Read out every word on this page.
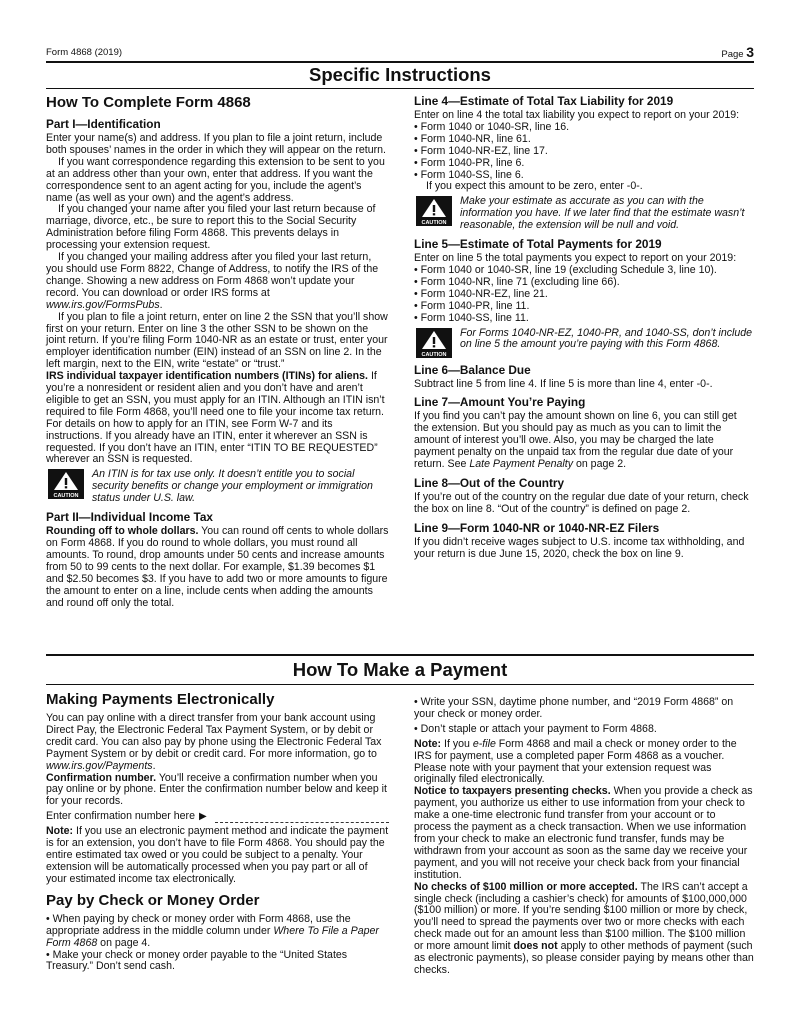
Form 4868 (2019)	Page 3
Specific Instructions
How To Complete Form 4868
Part I—Identification

Enter your name(s) and address. If you plan to file a joint return, include both spouses’ names in the order in which they will appear on the return.

If you want correspondence regarding this extension to be sent to you at an address other than your own, enter that address. If you want the correspondence sent to an agent acting for you, include the agent’s name (as well as your own) and the agent’s address.

If you changed your name after you filed your last return because of marriage, divorce, etc., be sure to report this to the Social Security Administration before filing Form 4868. This prevents delays in processing your extension request.

If you changed your mailing address after you filed your last return, you should use Form 8822, Change of Address, to notify the IRS of the change. Showing a new address on Form 4868 won’t update your record. You can download or order IRS forms at www.irs.gov/FormsPubs.

If you plan to file a joint return, enter on line 2 the SSN that you’ll show first on your return. Enter on line 3 the other SSN to be shown on the joint return. If you’re filing Form 1040-NR as an estate or trust, enter your employer identification number (EIN) instead of an SSN on line 2. In the left margin, next to the EIN, write “estate” or “trust.”

IRS individual taxpayer identification numbers (ITINs) for aliens. If you’re a nonresident or resident alien and you don’t have and aren’t eligible to get an SSN, you must apply for an ITIN. Although an ITIN isn’t required to file Form 4868, you’ll need one to file your income tax return. For details on how to apply for an ITIN, see Form W-7 and its instructions. If you already have an ITIN, enter it wherever an SSN is requested. If you don’t have an ITIN, enter “ITIN TO BE REQUESTED” wherever an SSN is requested.

CAUTION
An ITIN is for tax use only. It doesn’t entitle you to social security benefits or change your employment or immigration status under U.S. law.
Part II—Individual Income Tax

Rounding off to whole dollars. You can round off cents to whole dollars on Form 4868. If you do round to whole dollars, you must round all amounts. To round, drop amounts under 50 cents and increase amounts from 50 to 99 cents to the next dollar. For example, $1.39 becomes $1 and $2.50 becomes $3. If you have to add two or more amounts to figure the amount to enter on a line, include cents when adding the amounts and round off only the total.

Line 4—Estimate of Total Tax Liability for 2019

Enter on line 4 the total tax liability you expect to report on your 2019:

• Form 1040 or 1040-SR, line 16.
• Form 1040-NR, line 61.
• Form 1040-NR-EZ, line 17.
• Form 1040-PR, line 6.
• Form 1040-SS, line 6.

If you expect this amount to be zero, enter -0-.

CAUTION
Make your estimate as accurate as you can with the information you have. If we later find that the estimate wasn’t reasonable, the extension will be null and void.
Line 5—Estimate of Total Payments for 2019

Enter on line 5 the total payments you expect to report on your 2019:

• Form 1040 or 1040-SR, line 19 (excluding Schedule 3, line 10).
• Form 1040-NR, line 71 (excluding line 66).
• Form 1040-NR-EZ, line 21.
• Form 1040-PR, line 11.
• Form 1040-SS, line 11.
CAUTION
For Forms 1040-NR-EZ, 1040-PR, and 1040-SS, don’t include on line 5 the amount you’re paying with this Form 4868.
Line 6—Balance Due

Subtract line 5 from line 4. If line 5 is more than line 4, enter -0-.

Line 7—Amount You’re Paying

If you find you can’t pay the amount shown on line 6, you can still get the extension. But you should pay as much as you can to limit the amount of interest you’ll owe. Also, you may be charged the late payment penalty on the unpaid tax from the regular due date of your return. See Late Payment Penalty on page 2.

Line 8—Out of the Country

If you’re out of the country on the regular due date of your return, check the box on line 8. “Out of the country” is defined on page 2.

Line 9—Form 1040-NR or 1040-NR-EZ Filers

If you didn’t receive wages subject to U.S. income tax withholding, and your return is due June 15, 2020, check the box on line 9.

How To Make a Payment
Making Payments Electronically

You can pay online with a direct transfer from your bank account using Direct Pay, the Electronic Federal Tax Payment System, or by debit or credit card. You can also pay by phone using the Electronic Federal Tax Payment System or by debit or credit card. For more information, go to www.irs.gov/Payments.

Confirmation number. You’ll receive a confirmation number when you pay online or by phone. Enter the confirmation number below and keep it for your records.

Enter confirmation number here ▶

Note: If you use an electronic payment method and indicate the payment is for an extension, you don’t have to file Form 4868. You should pay the entire estimated tax owed or you could be subject to a penalty. Your extension will be automatically processed when you pay part or all of your estimated income tax electronically.

Pay by Check or Money Order

• When paying by check or money order with Form 4868, use the appropriate address in the middle column under Where To File a Paper Form 4868 on page 4.

• Make your check or money order payable to the “United States Treasury.” Don’t send cash.

• Write your SSN, daytime phone number, and “2019 Form 4868” on your check or money order.

• Don’t staple or attach your payment to Form 4868.

Note: If you e-file Form 4868 and mail a check or money order to the IRS for payment, use a completed paper Form 4868 as a voucher. Please note with your payment that your extension request was originally filed electronically.

Notice to taxpayers presenting checks. When you provide a check as payment, you authorize us either to use information from your check to make a one-time electronic fund transfer from your account or to process the payment as a check transaction. When we use information from your check to make an electronic fund transfer, funds may be withdrawn from your account as soon as the same day we receive your payment, and you will not receive your check back from your financial institution.

No checks of $100 million or more accepted. The IRS can’t accept a single check (including a cashier’s check) for amounts of $100,000,000 ($100 million) or more. If you’re sending $100 million or more by check, you’ll need to spread the payments over two or more checks with each check made out for an amount less than $100 million. The $100 million or more amount limit does not apply to other methods of payment (such as electronic payments), so please consider paying by means other than checks.
